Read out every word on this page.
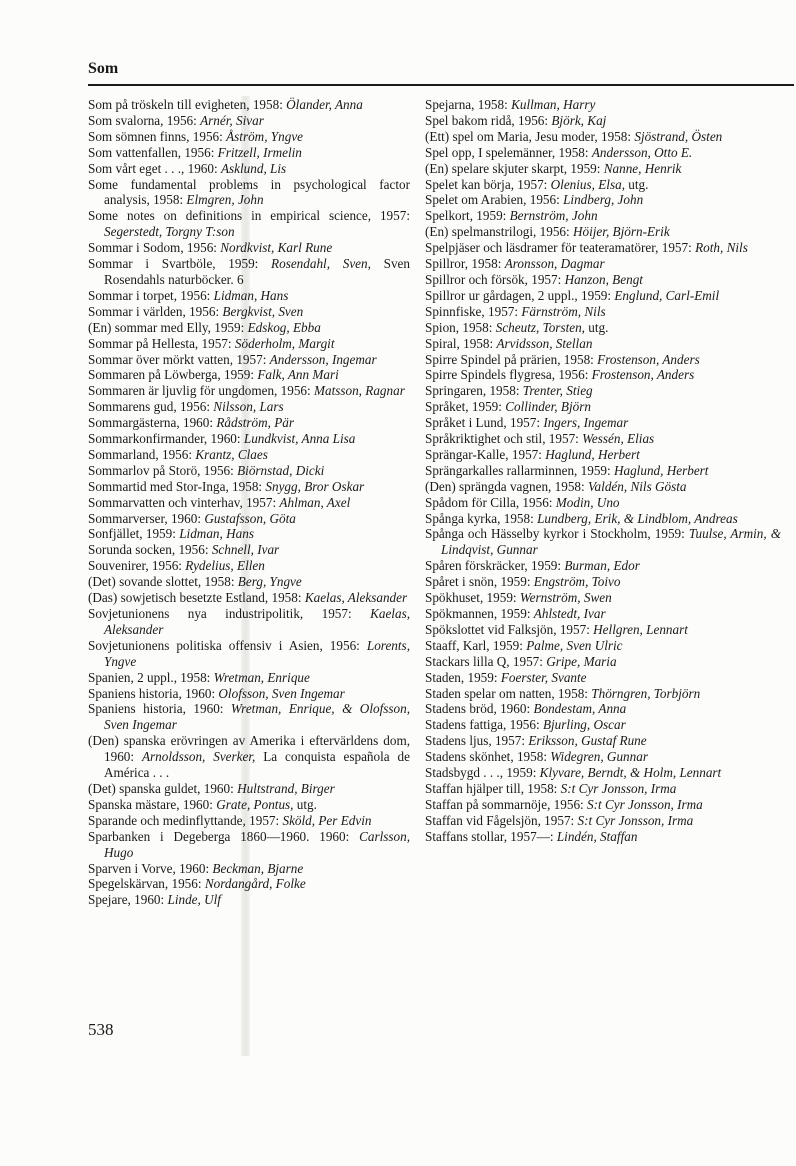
Som
Som på tröskeln till evigheten, 1958: Ölander, Anna
Som svalorna, 1956: Arnér, Sivar
Som sömnen finns, 1956: Åström, Yngve
Som vattenfallen, 1956: Fritzell, Irmelin
Som vårt eget . . ., 1960: Asklund, Lis
Some fundamental problems in psychological factor analysis, 1958: Elmgren, John
Some notes on definitions in empirical science, 1957: Segerstedt, Torgny T:son
Sommar i Sodom, 1956: Nordkvist, Karl Rune
Sommar i Svartböle, 1959: Rosendahl, Sven, Sven Rosendahls naturböcker. 6
Sommar i torpet, 1956: Lidman, Hans
Sommar i världen, 1956: Bergkvist, Sven
(En) sommar med Elly, 1959: Edskog, Ebba
Sommar på Hellesta, 1957: Söderholm, Margit
Sommar över mörkt vatten, 1957: Andersson, Ingemar
Sommaren på Löwberga, 1959: Falk, Ann Mari
Sommaren är ljuvlig för ungdomen, 1956: Matsson, Ragnar
Sommarens gud, 1956: Nilsson, Lars
Sommargästerna, 1960: Rådström, Pär
Sommarkonfirmander, 1960: Lundkvist, Anna Lisa
Sommarland, 1956: Krantz, Claes
Sommarlov på Storö, 1956: Biörnstad, Dicki
Sommartid med Stor-Inga, 1958: Snygg, Bror Oskar
Sommarvatten och vinterhav, 1957: Ahlman, Axel
Sommarverser, 1960: Gustafsson, Göta
Sonfjället, 1959: Lidman, Hans
Sorunda socken, 1956: Schnell, Ivar
Souvenirer, 1956: Rydelius, Ellen
(Det) sovande slottet, 1958: Berg, Yngve
(Das) sowjetisch besetzte Estland, 1958: Kaelas, Aleksander
Sovjetunionens nya industripolitik, 1957: Kaelas, Aleksander
Sovjetunionens politiska offensiv i Asien, 1956: Lorents, Yngve
Spanien, 2 uppl., 1958: Wretman, Enrique
Spaniens historia, 1960: Olofsson, Sven Ingemar
Spaniens historia, 1960: Wretman, Enrique, & Olofsson, Sven Ingemar
(Den) spanska erövringen av Amerika i eftervärldens dom, 1960: Arnoldsson, Sverker, La conquista española de América . . .
(Det) spanska guldet, 1960: Hultstrand, Birger
Spanska mästare, 1960: Grate, Pontus, utg.
Sparande och medinflyttande, 1957: Sköld, Per Edvin
Sparbanken i Degeberga 1860—1960. 1960: Carlsson, Hugo
Sparven i Vorve, 1960: Beckman, Bjarne
Spegelskärvan, 1956: Nordangård, Folke
Spejare, 1960: Linde, Ulf
Spejarna, 1958: Kullman, Harry
Spel bakom ridå, 1956: Björk, Kaj
(Ett) spel om Maria, Jesu moder, 1958: Sjöstrand, Östen
Spel opp, I spelemänner, 1958: Andersson, Otto E.
(En) spelare skjuter skarpt, 1959: Nanne, Henrik
Spelet kan börja, 1957: Olenius, Elsa, utg.
Spelet om Arabien, 1956: Lindberg, John
Spelkort, 1959: Bernström, John
(En) spelmanstrilogi, 1956: Höijer, Björn-Erik
Spelpjäser och läsdramer för teateramatörer, 1957: Roth, Nils
Spillror, 1958: Aronsson, Dagmar
Spillror och försök, 1957: Hanzon, Bengt
Spillror ur gårdagen, 2 uppl., 1959: Englund, Carl-Emil
Spinnfiske, 1957: Färnström, Nils
Spion, 1958: Scheutz, Torsten, utg.
Spiral, 1958: Arvidsson, Stellan
Spirre Spindel på prärien, 1958: Frostenson, Anders
Spirre Spindels flygresa, 1956: Frostenson, Anders
Springaren, 1958: Trenter, Stieg
Språket, 1959: Collinder, Björn
Språket i Lund, 1957: Ingers, Ingemar
Språkriktighet och stil, 1957: Wessén, Elias
Sprängar-Kalle, 1957: Haglund, Herbert
Sprängarkalles rallarminnen, 1959: Haglund, Herbert
(Den) sprängda vagnen, 1958: Valdén, Nils Gösta
Spådom för Cilla, 1956: Modin, Uno
Spånga kyrka, 1958: Lundberg, Erik, & Lindblom, Andreas
Spånga och Hässelby kyrkor i Stockholm, 1959: Tuulse, Armin, & Lindqvist, Gunnar
Spåren förskräcker, 1959: Burman, Edor
Spåret i snön, 1959: Engström, Toivo
Spökhuset, 1959: Wernström, Swen
Spökmannen, 1959: Ahlstedt, Ivar
Spökslottet vid Falksjön, 1957: Hellgren, Lennart
Staaff, Karl, 1959: Palme, Sven Ulric
Stackars lilla Q, 1957: Gripe, Maria
Staden, 1959: Foerster, Svante
Staden spelar om natten, 1958: Thörngren, Torbjörn
Stadens bröd, 1960: Bondestam, Anna
Stadens fattiga, 1956: Bjurling, Oscar
Stadens ljus, 1957: Eriksson, Gustaf Rune
Stadens skönhet, 1958: Widegren, Gunnar
Stadsbygd . . ., 1959: Klyvare, Berndt, & Holm, Lennart
Staffan hjälper till, 1958: S:t Cyr Jonsson, Irma
Staffan på sommarnöje, 1956: S:t Cyr Jonsson, Irma
Staffan vid Fågelsjön, 1957: S:t Cyr Jonsson, Irma
Staffans stollar, 1957—: Lindén, Staffan
538
